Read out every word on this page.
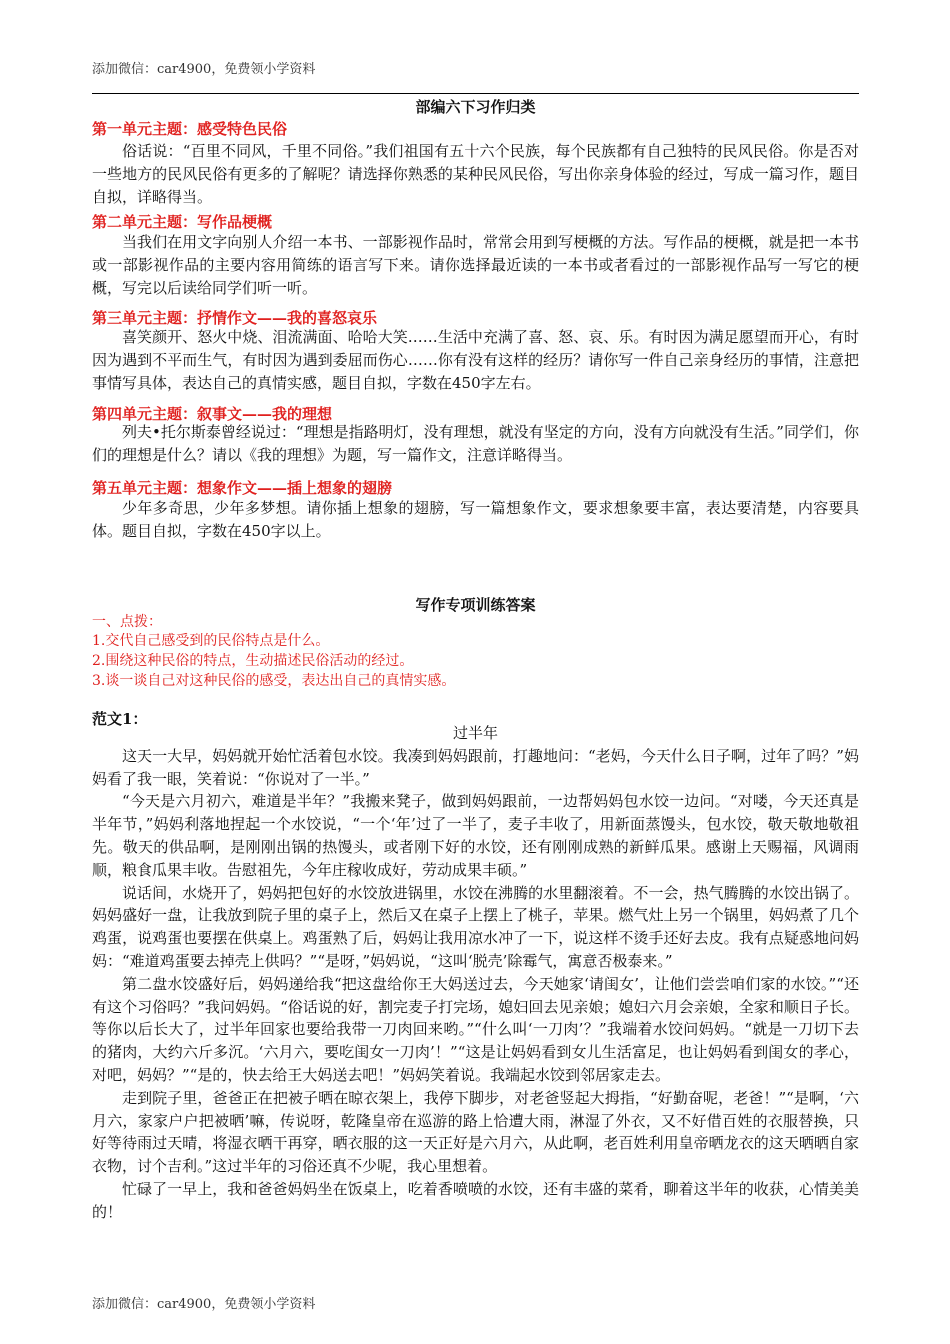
添加微信：car4900，免费领小学资料
部编六下习作归类
第一单元主题：感受特色民俗
俗话说：“百里不同风，千里不同俗。”我们祖国有五十六个民族，每个民族都有自己独特的民风民俗。你是否对一些地方的民风民俗有更多的了解呢？请选择你熟悉的某种民风民俗，写出你亲身体验的经过，写成一篇习作，题目自拟，详略得当。
第二单元主题：写作品梗概
当我们在用文字向别人介绍一本书、一部影视作品时，常常会用到写梗概的方法。写作品的梗概，就是把一本书或一部影视作品的主要内容用简练的语言写下来。请你选择最近读的一本书或者看过的一部影视作品写一写它的梗概，写完以后读给同学们听一听。
第三单元主题：抒情作文——我的喜怒哀乐
喜笑颜开、怒火中烧、泪流满面、哈哈大笑……生活中充满了喜、怒、哀、乐。有时因为满足愿望而开心，有时因为遇到不平而生气，有时因为遇到委屈而伤心……你有没有这样的经历？请你写一件自己亲身经历的事情，注意把事情写具体，表达自己的真情实感，题目自拟，字数在450字左右。
第四单元主题：叙事文——我的理想
列夫•托尔斯泰曾经说过：“理想是指路明灯，没有理想，就没有坚定的方向，没有方向就没有生活。”同学们，你们的理想是什么？请以《我的理想》为题，写一篇作文，注意详略得当。
第五单元主题：想象作文——插上想象的翅膀
少年多奇思，少年多梦想。请你插上想象的翅膀，写一篇想象作文，要求想象要丰富，表达要清楚，内容要具体。题目自拟，字数在450字以上。
写作专项训练答案
一、点拨：
1.交代自己感受到的民俗特点是什么。
2.围绕这种民俗的特点，生动描述民俗活动的经过。
3.谈一谈自己对这种民俗的感受，表达出自己的真情实感。
范文1：
过半年

这天一大早，妈妈就开始忙活着包水饺。我凑到妈妈跟前，打趣地问：“老妈，今天什么日子啊，过年了吗？”妈妈看了我一眼，笑着说：“你说对了一半。”

“今天是六月初六，难道是半年？”我搬来凳子，做到妈妈跟前，一边帮妈妈包水饺一边问。“对喽，今天还真是半年节，”妈妈利落地捏起一个水饺说，“一个‘年’过了一半了，麦子丰收了，用新面蒸馒头，包水饺，敬天敬地敬祖先。敬天的供品啊，是刚刚出锅的热馒头，或者刚下好的水饺，还有刚刚成熟的新鲜瓜果。感谢上天赐福，风调雨顺，粮食瓜果丰收。告慰祖先，今年庄稼收成好，劳动成果丰硕。”

说话间，水烧开了，妈妈把包好的水饺放进锅里，水饺在沸腾的水里翻滚着。不一会，热气腾腾的水饺出锅了。妈妈盛好一盘，让我放到院子里的桌子上，然后又在桌子上摆上了桃子，苹果。燃气灶上另一个锅里，妈妈煮了几个鸡蛋，说鸡蛋也要摆在供桌上。鸡蛋熟了后，妈妈让我用凉水冲了一下，说这样不烫手还好去皮。我有点疑惑地问妈妈：“难道鸡蛋要去掉壳上供吗？”“是呀，”妈妈说，“这叫‘脱壳’除霉气，寓意否极泰来。”

第二盘水饺盛好后，妈妈递给我“把这盘给你王大妈送过去，今天她家‘请闺女’，让他们尝尝咱们家的水饺。”“还有这个习俗吗？”我问妈妈。“俗话说的好，割完麦子打完场，媳妇回去见亲娘；媳妇六月会亲娘，全家和顺日子长。等你以后长大了，过半年回家也要给我带一刀肉回来哟。”“什么叫‘一刀肉’？”我端着水饺问妈妈。“就是一刀切下去的猪肉，大约六斤多沉。‘六月六，要吃闺女一刀肉’！”“这是让妈妈看到女儿生活富足，也让妈妈看到闺女的孝心，对吧，妈妈？”“是的，快去给王大妈送去吧！”妈妈笑着说。我端起水饺到邻居家走去。

走到院子里，爸爸正在把被子晒在晾衣架上，我停下脚步，对老爸竖起大拇指，“好勤奋呢，老爸！”“是啊，‘六月六，家家户户把被晒’嘛，传说呀，乾隆皇帝在巡游的路上恰遭大雨，淋湿了外衣，又不好借百姓的衣服替换，只好等待雨过天晴，将湿衣晒干再穿，晒衣服的这一天正好是六月六，从此啊，老百姓利用皇帝晒龙衣的这天晒晒自家衣物，讨个吉利。”这过半年的习俗还真不少呢，我心里想着。

忙碌了一早上，我和爸爸妈妈坐在饭桌上，吃着香喷喷的水饺，还有丰盛的菜肴，聊着这半年的收获，心情美美的！

添加微信：car4900，免费领小学资料
